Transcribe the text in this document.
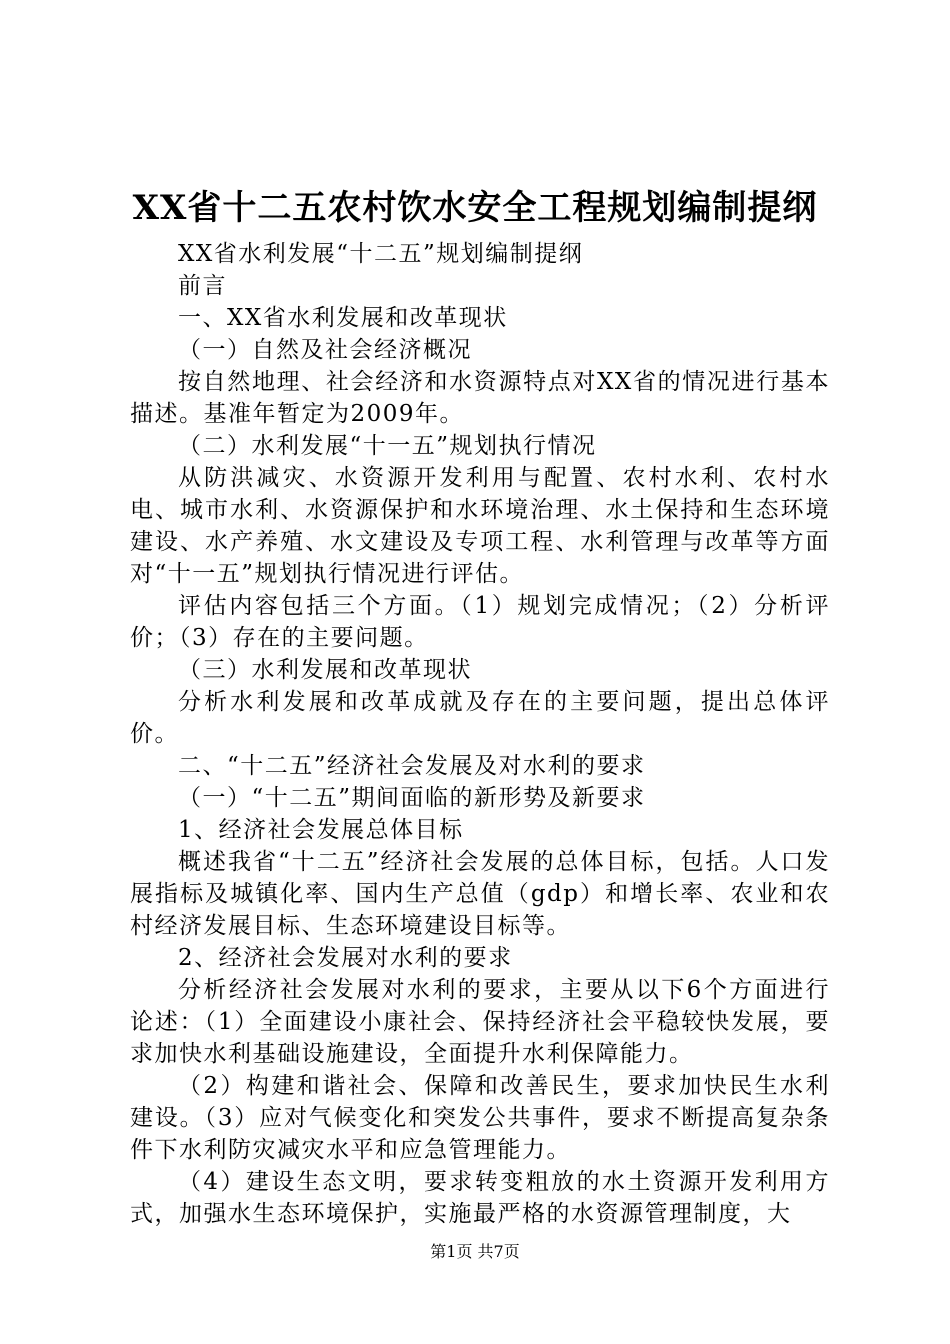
XX省十二五农村饮水安全工程规划编制提纲

XX省水利发展“十二五”规划编制提纲

前言

一、XX省水利发展和改革现状

（一）自然及社会经济概况

按自然地理、社会经济和水资源特点对XX省的情况进行基本描述。基准年暂定为2009年。

（二）水利发展“十一五”规划执行情况

从防洪减灾、水资源开发利用与配置、农村水利、农村水电、城市水利、水资源保护和水环境治理、水土保持和生态环境建设、水产养殖、水文建设及专项工程、水利管理与改革等方面对“十一五”规划执行情况进行评估。

评估内容包括三个方面。（1）规划完成情况；（2）分析评价；（3）存在的主要问题。

（三）水利发展和改革现状

分析水利发展和改革成就及存在的主要问题，提出总体评价。

二、“十二五”经济社会发展及对水利的要求

（一）“十二五”期间面临的新形势及新要求

1、经济社会发展总体目标

概述我省“十二五”经济社会发展的总体目标，包括。人口发展指标及城镇化率、国内生产总值（gdp）和增长率、农业和农村经济发展目标、生态环境建设目标等。

2、经济社会发展对水利的要求

分析经济社会发展对水利的要求，主要从以下6个方面进行论述：（1）全面建设小康社会、保持经济社会平稳较快发展，要求加快水利基础设施建设，全面提升水利保障能力。

（2）构建和谐社会、保障和改善民生，要求加快民生水利建设。（3）应对气候变化和突发公共事件，要求不断提高复杂条件下水利防灾减灾水平和应急管理能力。

（4）建设生态文明，要求转变粗放的水土资源开发利用方式，加强水生态环境保护，实施最严格的水资源管理制度，大

第1页 共7页
